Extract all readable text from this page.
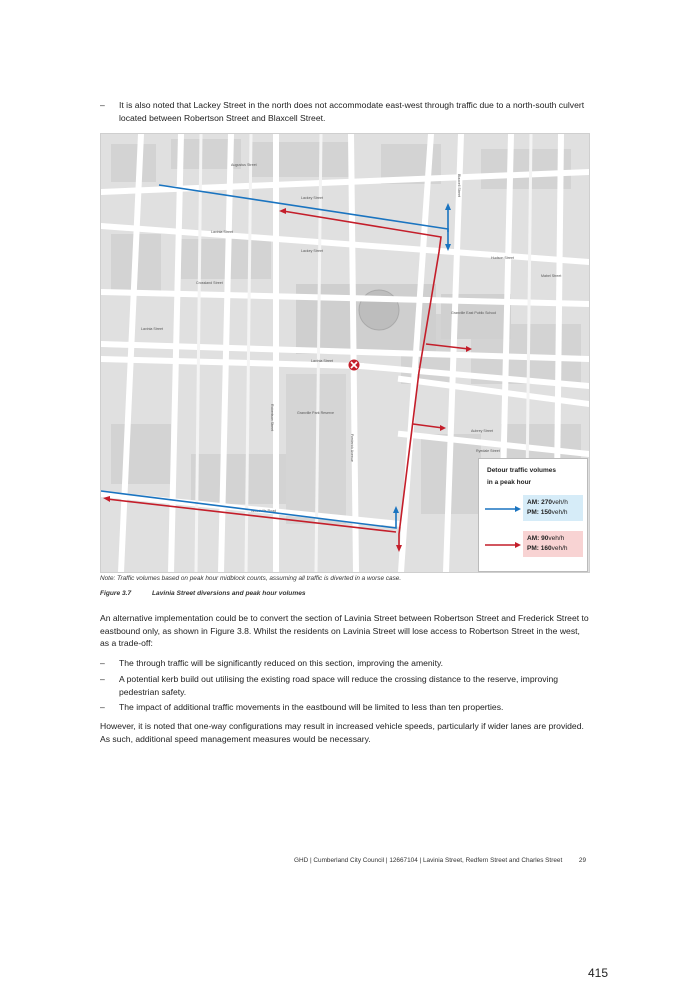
– It is also noted that Lackey Street in the north does not accommodate east-west through traffic due to a north-south culvert located between Robertson Street and Blaxcell Street.
Augustus Street
Lackey Street
Lavinia Street
Hudson Street
Lackey Street
Crossland Street
Lavinia Street
Lavinia Street
Mabel Street
Aubrey Street
Ryedale Street
Woodville Road
Robertson Street
Frederick Avenue
Blaxcell Street
Granville Park Reserve
Granville East Public School
Detour traffic volumes
in a peak hour
AM: 270veh/h
PM: 150veh/h
AM: 90veh/h
PM: 160veh/h
Note: Traffic volumes based on peak hour midblock counts, assuming all traffic is diverted in a worse case.
Figure 3.7	Lavinia Street diversions and peak hour volumes
An alternative implementation could be to convert the section of Lavinia Street between Robertson Street and Frederick Street to eastbound only, as shown in Figure 3.8. Whilst the residents on Lavinia Street will lose access to Robertson Street in the west, as a trade-off:
– The through traffic will be significantly reduced on this section, improving the amenity.
– A potential kerb build out utilising the existing road space will reduce the crossing distance to the reserve, improving pedestrian safety.
– The impact of additional traffic movements in the eastbound will be limited to less than ten properties.
However, it is noted that one-way configurations may result in increased vehicle speeds, particularly if wider lanes are provided. As such, additional speed management measures would be necessary.
GHD | Cumberland City Council | 12667104 | Lavinia Street, Redfern Street and Charles Street	29
415
